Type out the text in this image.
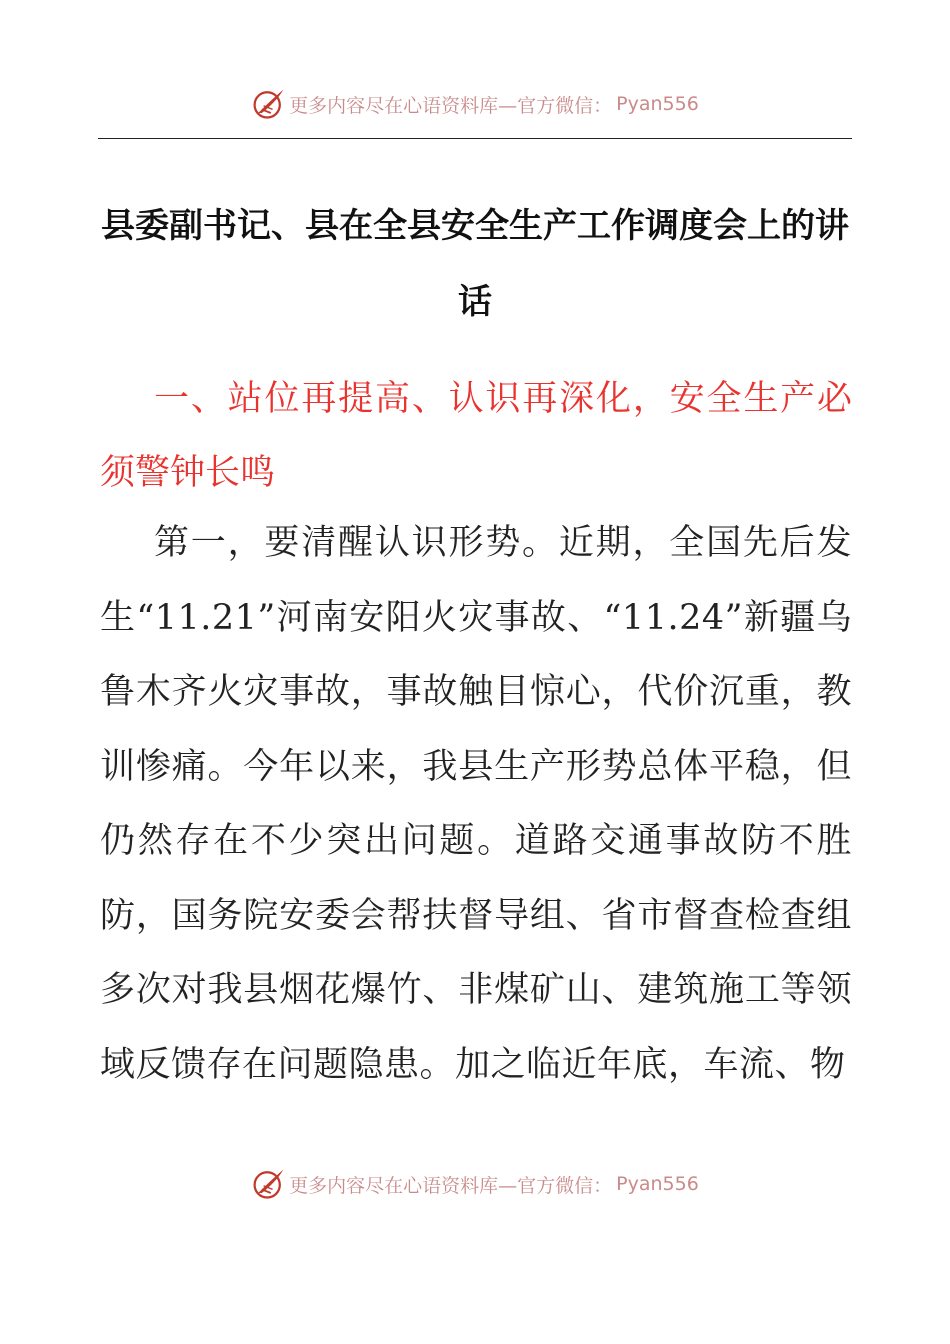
更多内容尽在心语资料库—官方微信： Pyan556
县委副书记、县在全县安全生产工作调度会上的讲话
一、站位再提高、认识再深化，安全生产必须警钟长鸣
第一，要清醒认识形势。近期，全国先后发生“11.21”河南安阳火灾事故、“11.24”新疆乌鲁木齐火灾事故，事故触目惊心，代价沉重，教训惨痛。今年以来，我县生产形势总体平稳，但仍然存在不少突出问题。道路交通事故防不胜防，国务院安委会帮扶督导组、省市督查检查组多次对我县烟花爆竹、非煤矿山、建筑施工等领域反馈存在问题隐患。加之临近年底，车流、物
更多内容尽在心语资料库—官方微信： Pyan556
